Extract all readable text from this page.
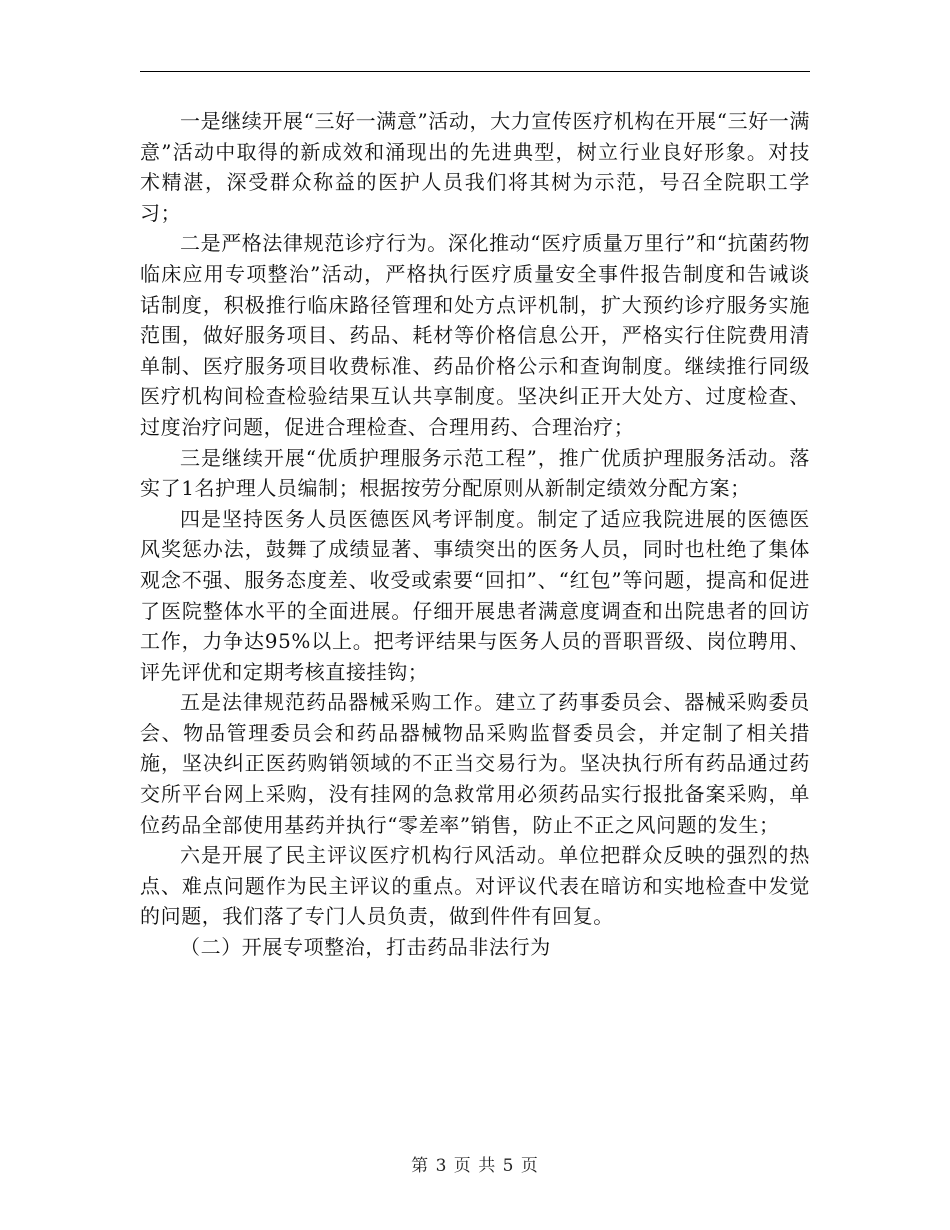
一是继续开展“三好一满意”活动，大力宣传医疗机构在开展“三好一满意”活动中取得的新成效和涌现出的先进典型，树立行业良好形象。对技术精湛，深受群众称益的医护人员我们将其树为示范，号召全院职工学习；

二是严格法律规范诊疗行为。深化推动“医疗质量万里行”和“抗菌药物临床应用专项整治”活动，严格执行医疗质量安全事件报告制度和告诫谈话制度，积极推行临床路径管理和处方点评机制，扩大预约诊疗服务实施范围，做好服务项目、药品、耗材等价格信息公开，严格实行住院费用清单制、医疗服务项目收费标准、药品价格公示和查询制度。继续推行同级医疗机构间检查检验结果互认共享制度。坚决纠正开大处方、过度检查、过度治疗问题，促进合理检查、合理用药、合理治疗；

三是继续开展“优质护理服务示范工程”，推广优质护理服务活动。落实了1名护理人员编制；根据按劳分配原则从新制定绩效分配方案；

四是坚持医务人员医德医风考评制度。制定了适应我院进展的医德医风奖惩办法，鼓舞了成绩显著、事绩突出的医务人员，同时也杜绝了集体观念不强、服务态度差、收受或索要“回扣”、“红包”等问题，提高和促进了医院整体水平的全面进展。仔细开展患者满意度调查和出院患者的回访工作，力争达95%以上。把考评结果与医务人员的晋职晋级、岗位聘用、评先评优和定期考核直接挂钩；

五是法律规范药品器械采购工作。建立了药事委员会、器械采购委员会、物品管理委员会和药品器械物品采购监督委员会，并定制了相关措施，坚决纠正医药购销领域的不正当交易行为。坚决执行所有药品通过药交所平台网上采购，没有挂网的急救常用必须药品实行报批备案采购，单位药品全部使用基药并执行“零差率”销售，防止不正之风问题的发生；

六是开展了民主评议医疗机构行风活动。单位把群众反映的强烈的热点、难点问题作为民主评议的重点。对评议代表在暗访和实地检查中发觉的问题，我们落了专门人员负责，做到件件有回复。

（二）开展专项整治，打击药品非法行为

第 3 页 共 5 页
